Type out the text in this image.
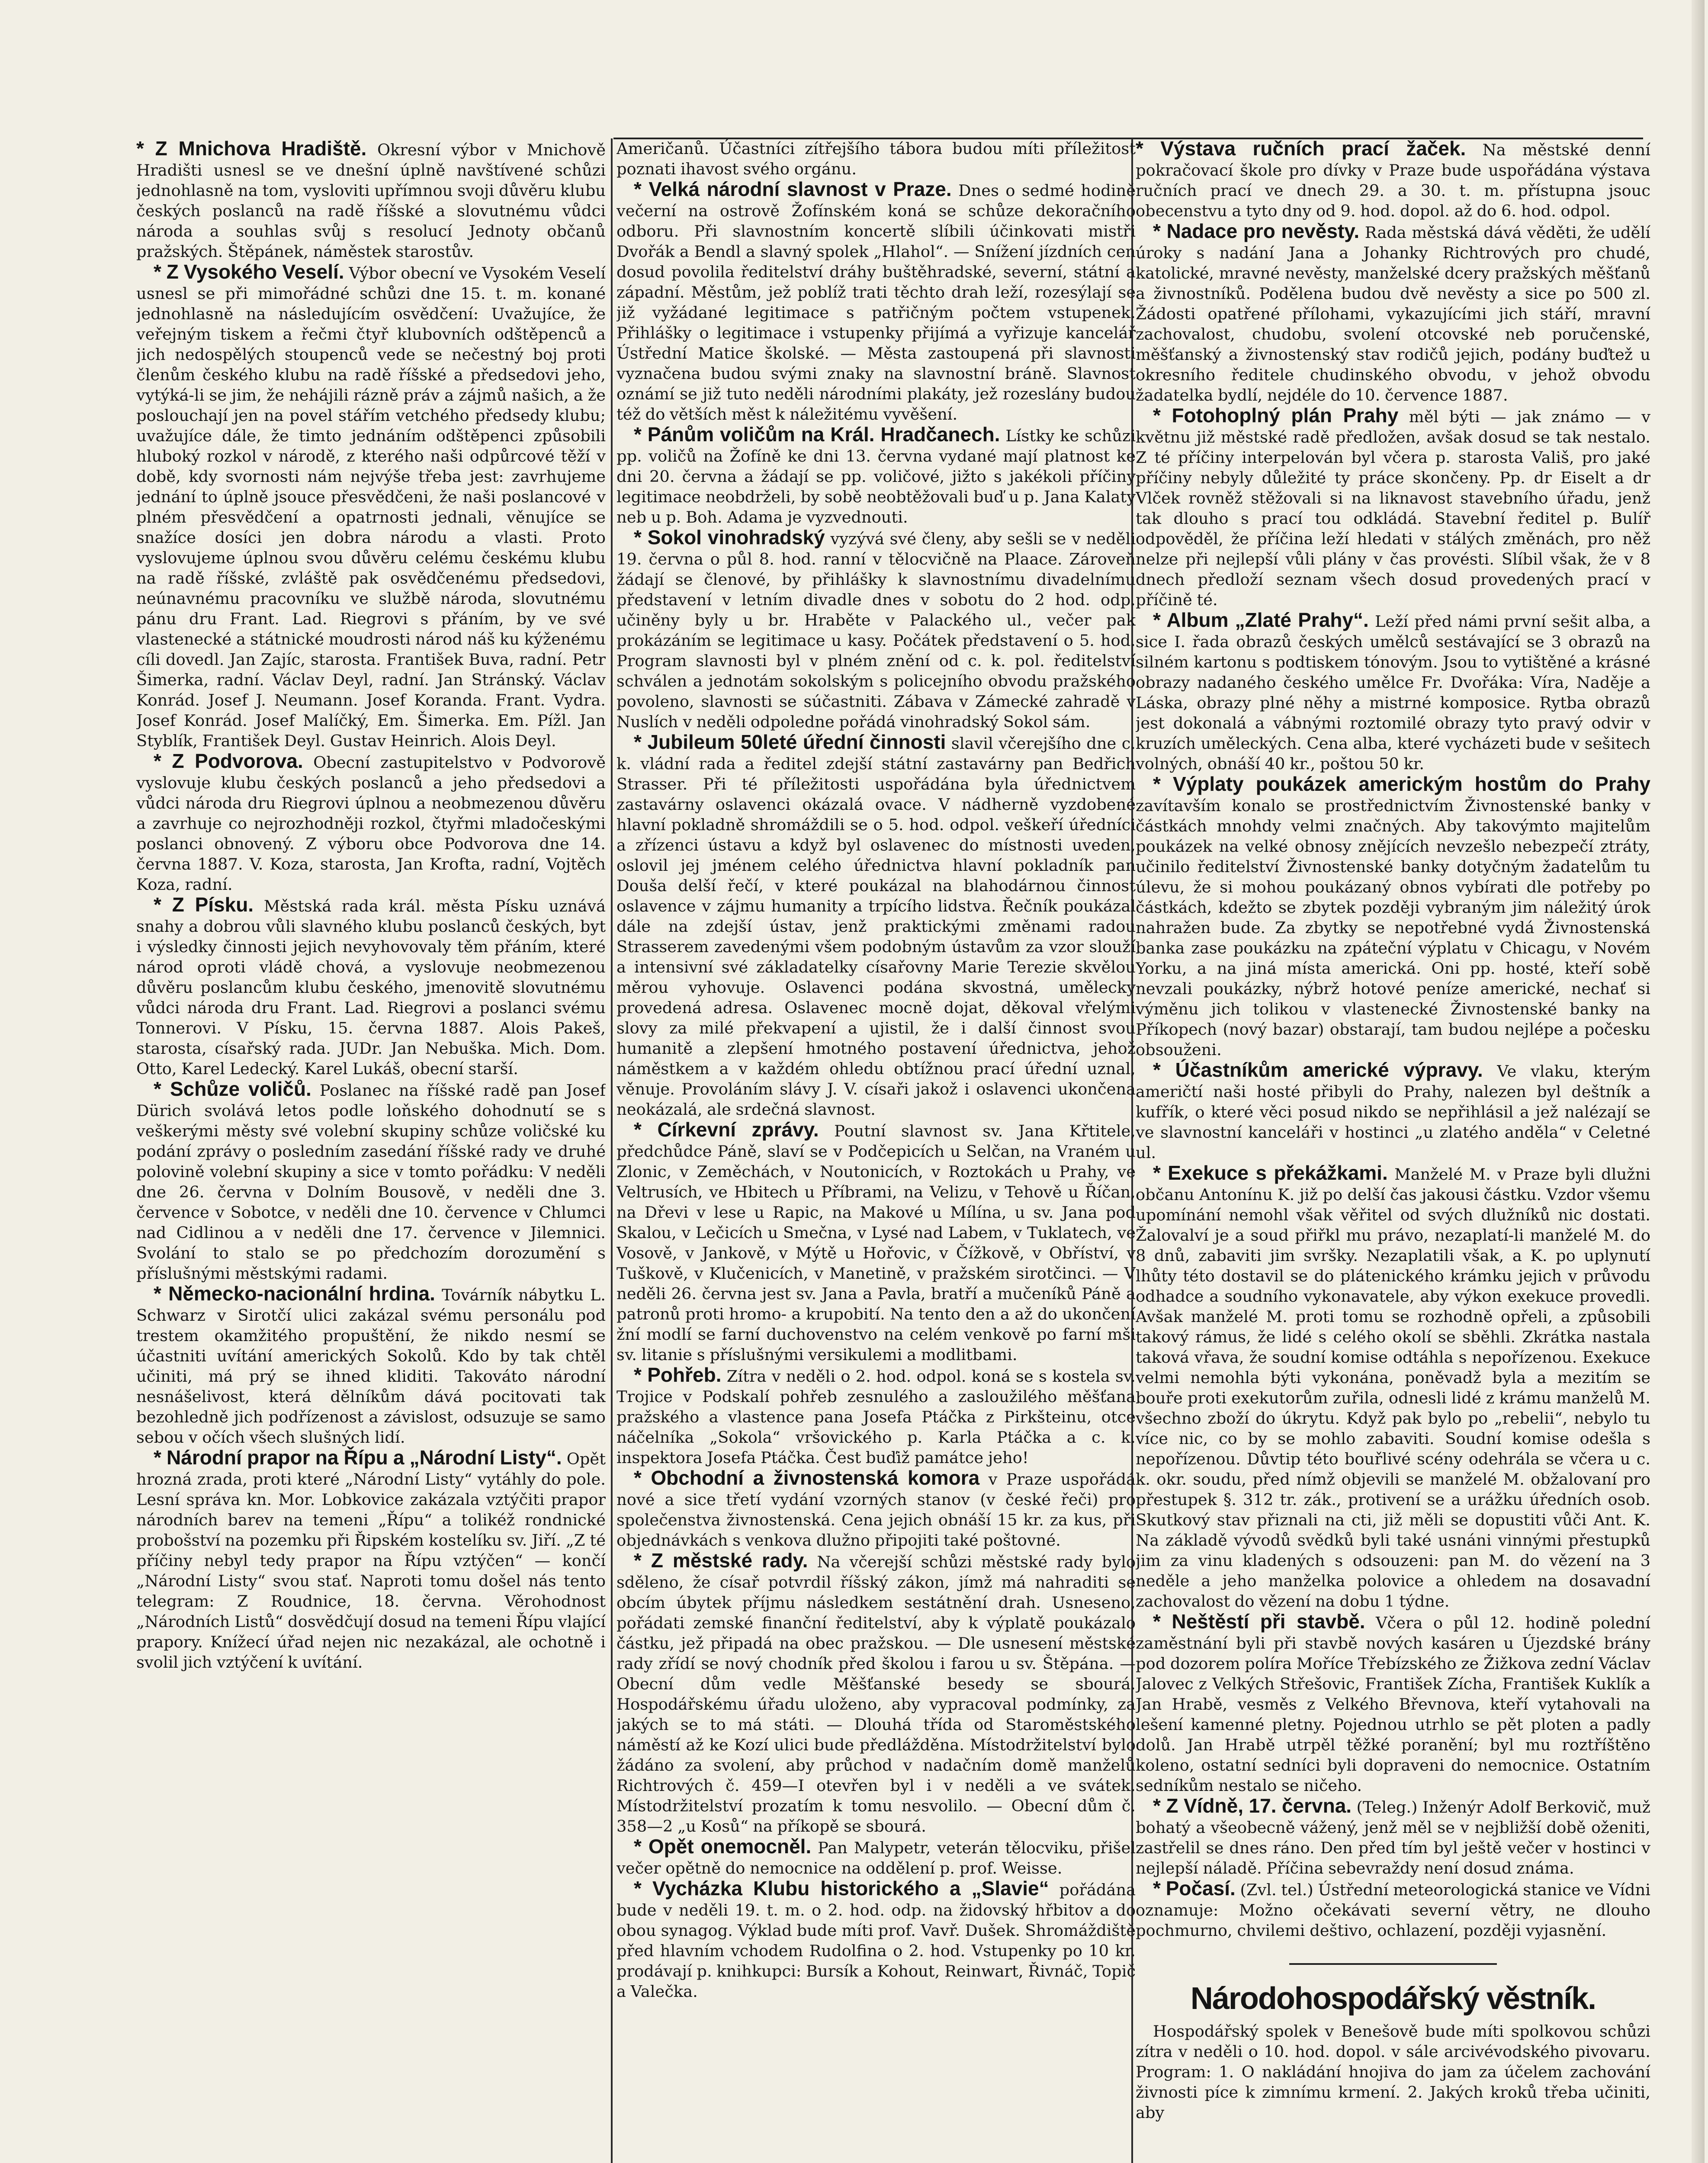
* Z Mnichova Hradiště. Okresní výbor v Mnichově Hradišti usnesl se ve dnešní úplně navštívené schůzi jednohlasně na tom, vysloviti upřímnou svoji důvěru klubu českých poslanců na radě říšské a slovutnému vůdci národa a souhlas svůj s resolucí Jednoty občanů pražských. Štěpánek, náměstek starostův.

* Z Vysokého Veselí. Výbor obecní ve Vysokém Veselí usnesl se při mimořádné schůzi dne 15. t. m. konané jednohlasně na následujícím osvědčení: Uvažujíce, že veřejným tiskem a řečmi čtyř klubovních odštěpenců a jich nedospělých stoupenců vede se nečestný boj proti členům českého klubu na radě říšské a předsedovi jeho, vytýká-li se jim, že nehájili rázně práv a zájmů našich, a že poslouchají jen na povel stářím vetchého předsedy klubu; uvažujíce dále, že timto jednáním odštěpenci způsobili hluboký rozkol v národě, z kterého naši odpůrcové těží v době, kdy svornosti nám nejvýše třeba jest: zavrhujeme jednání to úplně jsouce přesvědčeni, že naši poslancové v plném přesvědčení a opatrnosti jednali, věnujíce se snažíce dosíci jen dobra národu a vlasti. Proto vyslovujeme úplnou svou důvěru celému českému klubu na radě říšské, zvláště pak osvědčenému předsedovi, neúnavnému pracovníku ve službě národa, slovutnému pánu dru Frant. Lad. Riegrovi s přáním, by ve své vlastenecké a státnické moudrosti národ náš ku kýženému cíli dovedl. Jan Zajíc, starosta. František Buva, radní. Petr Šimerka, radní. Václav Deyl, radní. Jan Stránský. Václav Konrád. Josef J. Neumann. Josef Koranda. Frant. Vydra. Josef Konrád. Josef Malíčký, Em. Šimerka. Em. Pížl. Jan Styblík, František Deyl. Gustav Heinrich. Alois Deyl.

* Z Podvorova. Obecní zastupitelstvo v Podvorově vyslovuje klubu českých poslanců a jeho předsedovi a vůdci národa dru Riegrovi úplnou a neobmezenou důvěru a zavrhuje co nejrozhodněji rozkol, čtyřmi mladočeskými poslanci obnovený. Z výboru obce Podvorova dne 14. června 1887. V. Koza, starosta, Jan Krofta, radní, Vojtěch Koza, radní.

* Z Písku. Městská rada král. města Písku uznává snahy a dobrou vůli slavného klubu poslanců českých, byt i výsledky činnosti jejich nevyhovovaly těm přáním, které národ oproti vládě chová, a vyslovuje neobmezenou důvěru poslancům klubu českého, jmenovitě slovutnému vůdci národa dru Frant. Lad. Riegrovi a poslanci svému Tonnerovi. V Písku, 15. června 1887. Alois Pakeš, starosta, císařský rada. JUDr. Jan Nebuška. Mich. Dom. Otto, Karel Ledecký. Karel Lukáš, obecní starší.

* Schůze voličů. Poslanec na říšské radě pan Josef Dürich svolává letos podle loňského dohodnutí se s veškerými městy své volební skupiny schůze voličské ku podání zprávy o posledním zasedání říšské rady ve druhé polovině volební skupiny a sice v tomto pořádku: V neděli dne 26. června v Dolním Bousově, v neděli dne 3. července v Sobotce, v neděli dne 10. července v Chlumci nad Cidlinou a v neděli dne 17. července v Jilemnici. Svolání to stalo se po předchozím dorozumění s příslušnými městskými radami.

* Německo-nacionální hrdina. Továrník nábytku L. Schwarz v Sirotčí ulici zakázal svému personálu pod trestem okamžitého propuštění, že nikdo nesmí se účastniti uvítání amerických Sokolů. Kdo by tak chtěl učiniti, má prý se ihned kliditi. Takováto národní nesnášelivost, která dělníkům dává pocitovati tak bezohledně jich podřízenost a závislost, odsuzuje se samo sebou v očích všech slušných lidí.

* Národní prapor na Řípu a „Národní Listy“. Opět hrozná zrada, proti které „Národní Listy“ vytáhly do pole. Lesní správa kn. Mor. Lobkovice zakázala vztýčiti prapor národních barev na temeni „Řípu“ a tolikéž rondnické probošství na pozemku při Řipském kostelíku sv. Jiří. „Z té příčiny nebyl tedy prapor na Řípu vztýčen“ — končí „Národní Listy“ svou stať. Naproti tomu došel nás tento telegram: Z Roudnice, 18. června. Věrohodnost „Národních Listů“ dosvědčují dosud na temeni Řípu vlající prapory. Knížecí úřad nejen nic nezakázal, ale ochotně i svolil jich vztýčení k uvítání.

Američanů. Účastníci zítřejšího tábora budou míti příležitost poznati ihavost svého orgánu.

* Velká národní slavnost v Praze. Dnes o sedmé hodině večerní na ostrově Žofínském koná se schůze dekoračního odboru. Při slavnostním koncertě slíbili účinkovati mistři Dvořák a Bendl a slavný spolek „Hlahol“. — Snížení jízdních cen dosud povolila ředitelství dráhy buštěhradské, severní, státní a západní. Městům, jež poblíž trati těchto drah leží, rozesýlají se již vyžádané legitimace s patřičným počtem vstupenek. Přihlášky o legitimace i vstupenky přijímá a vyřizuje kancelář Ústřední Matice školské. — Města zastoupená při slavnosti vyznačena budou svými znaky na slavnostní bráně. Slavnost oznámí se již tuto neděli národními plakáty, jež rozeslány budou též do větších měst k náležitému vyvěšení.

* Pánům voličům na Král. Hradčanech. Lístky ke schůzi pp. voličů na Žofíně ke dni 13. června vydané mají platnost ke dni 20. června a žádají se pp. voličové, jižto s jakékoli příčiny legitimace neobdrželi, by sobě neobtěžovali buď u p. Jana Kalaty neb u p. Boh. Adama je vyzvednouti.

* Sokol vinohradský vyzývá své členy, aby sešli se v neděli 19. června o půl 8. hod. ranní v tělocvičně na Plaace. Zároveň žádají se členové, by přihlášky k slavnostnímu divadelnímu představení v letním divadle dnes v sobotu do 2 hod. odp. učiněny byly u br. Hraběte v Palackého ul., večer pak prokázáním se legitimace u kasy. Počátek představení o 5. hod. Program slavnosti byl v plném znění od c. k. pol. ředitelství schválen a jednotám sokolským s policejního obvodu pražského povoleno, slavnosti se súčastniti. Zábava v Zámecké zahradě v Nuslích v neděli odpoledne pořádá vinohradský Sokol sám.

* Jubileum 50leté úřední činnosti slavil včerejšího dne c. k. vládní rada a ředitel zdejší státní zastavárny pan Bedřich Strasser. Při té příležitosti uspořádána byla úřednictvem zastavárny oslavenci okázalá ovace. V nádherně vyzdobené hlavní pokladně shromáždili se o 5. hod. odpol. veškeří úředníci a zřízenci ústavu a když byl oslavenec do místnosti uveden, oslovil jej jménem celého úřednictva hlavní pokladník pan Douša delší řečí, v které poukázal na blahodárnou činnost oslavence v zájmu humanity a trpícího lidstva. Řečník poukázal dále na zdejší ústav, jenž praktickými změnami radou Strasserem zavedenými všem podobným ústavům za vzor slouží a intensivní své základatelky císařovny Marie Terezie skvělou měrou vyhovuje. Oslavenci podána skvostná, umělecky provedená adresa. Oslavenec mocně dojat, děkoval vřelými slovy za milé překvapení a ujistil, že i další činnost svou humanitě a zlepšení hmotného postavení úřednictva, jehož náměstkem a v každém ohledu obtížnou prací úřední uznal, věnuje. Provoláním slávy J. V. císaři jakož i oslavenci ukončena neokázalá, ale srdečná slavnost.

* Církevní zprávy. Poutní slavnost sv. Jana Křtitele, předchůdce Páně, slaví se v Podčepicích u Selčan, na Vraném u Zlonic, v Zeměchách, v Noutonicích, v Roztokách u Prahy, ve Veltrusích, ve Hbitech u Příbrami, na Velizu, v Tehově u Říčan, na Dřevi v lese u Rapic, na Makové u Mílína, u sv. Jana pod Skalou, v Lečicích u Smečna, v Lysé nad Labem, v Tuklatech, ve Vosově, v Jankově, v Mýtě u Hořovic, v Čížkově, v Obříství, v Tuškově, v Klučenicích, v Manetině, v pražském sirotčinci. — V neděli 26. června jest sv. Jana a Pavla, bratří a mučeníků Páně a patronů proti hromo- a krupobití. Na tento den a až do ukončení žní modlí se farní duchovenstvo na celém venkově po farní mši sv. litanie s příslušnými versikulemi a modlitbami.

* Pohřeb. Zítra v neděli o 2. hod. odpol. koná se s kostela sv. Trojice v Podskalí pohřeb zesnulého a zasloužilého měšťana pražského a vlastence pana Josefa Ptáčka z Pirkšteinu, otce náčelníka „Sokola“ vršovického p. Karla Ptáčka a c. k. inspektora Josefa Ptáčka. Čest buďiž památce jeho!

* Obchodní a živnostenská komora v Praze uspořádá nové a sice třetí vydání vzorných stanov (v české řeči) pro společenstva živnostenská. Cena jejich obnáší 15 kr. za kus, při objednávkách s venkova dlužno připojiti také poštovné.

* Z městské rady. Na včerejší schůzi městské rady bylo sděleno, že císař potvrdil říšský zákon, jímž má nahraditi se obcím úbytek příjmu následkem sestátnění drah. Usneseno, pořádati zemské finanční ředitelství, aby k výplatě poukázalo částku, jež připadá na obec pražskou. — Dle usnesení městské rady zřídí se nový chodník před školou i farou u sv. Štěpána. — Obecní dům vedle Měšťanské besedy se sbourá. Hospodářskému úřadu uloženo, aby vypracoval podmínky, za jakých se to má státi. — Dlouhá třída od Staroměstského náměstí až ke Kozí ulici bude předlážděna. Místodržitelství bylo žádáno za svolení, aby průchod v nadačním domě manželů Richtrových č. 459—I otevřen byl i v neděli a ve svátek. Místodržitelství prozatím k tomu nesvolilo. — Obecní dům č. 358—2 „u Kosů“ na příkopě se sbourá.

* Opět onemocněl. Pan Malypetr, veterán tělocviku, přišel večer opětně do nemocnice na oddělení p. prof. Weisse.

* Vycházka Klubu historického a „Slavie“ pořádána bude v neděli 19. t. m. o 2. hod. odp. na židovský hřbitov a do obou synagog. Výklad bude míti prof. Vavř. Dušek. Shromáždiště před hlavním vchodem Rudolfina o 2. hod. Vstupenky po 10 kr. prodávají p. knihkupci: Bursík a Kohout, Reinwart, Řivnáč, Topič a Valečka.

* Výstava ručních prací žaček. Na městské denní pokračovací škole pro dívky v Praze bude uspořádána výstava ručních prací ve dnech 29. a 30. t. m. přístupna jsouc obecenstvu a tyto dny od 9. hod. dopol. až do 6. hod. odpol.

* Nadace pro nevěsty. Rada městská dává věděti, že udělí úroky s nadání Jana a Johanky Richtrových pro chudé, katolické, mravné nevěsty, manželské dcery pražských měšťanů a živnostníků. Podělena budou dvě nevěsty a sice po 500 zl. Žádosti opatřené přílohami, vykazujícími jich stáří, mravní zachovalost, chudobu, svolení otcovské neb poručenské, měšťanský a živnostenský stav rodičů jejich, podány buďtež u okresního ředitele chudinského obvodu, v jehož obvodu žadatelka bydlí, nejdéle do 10. července 1887.

* Fotohoplný plán Prahy měl býti — jak známo — v květnu již městské radě předložen, avšak dosud se tak nestalo. Z té příčiny interpelován byl včera p. starosta Vališ, pro jaké příčiny nebyly důležité ty práce skončeny. Pp. dr Eiselt a dr Vlček rovněž stěžovali si na liknavost stavebního úřadu, jenž tak dlouho s prací tou odkládá. Stavební ředitel p. Bulíř odpověděl, že příčina leží hledati v stálých změnách, pro něž nelze při nejlepší vůli plány v čas provésti. Slíbil však, že v 8 dnech předloží seznam všech dosud provedených prací v příčině té.

* Album „Zlaté Prahy“. Leží před námi první sešit alba, a sice I. řada obrazů českých umělců sestávající se 3 obrazů na silném kartonu s podtiskem tónovým. Jsou to vytištěné a krásné obrazy nadaného českého umělce Fr. Dvořáka: Víra, Naděje a Láska, obrazy plné něhy a mistrné komposice. Rytba obrazů jest dokonalá a vábnými roztomilé obrazy tyto pravý odvir v kruzích uměleckých. Cena alba, které vycházeti bude v sešitech volných, obnáší 40 kr., poštou 50 kr.

* Výplaty poukázek americkým hostům do Prahy zavítavším konalo se prostřednictvím Živnostenské banky v částkách mnohdy velmi značných. Aby takovýmto majitelům poukázek na velké obnosy znějících nevzešlo nebezpečí ztráty, učinilo ředitelství Živnostenské banky dotyčným žadatelům tu úlevu, že si mohou poukázaný obnos vybírati dle potřeby po částkách, kdežto se zbytek později vybraným jim náležitý úrok nahražen bude. Za zbytky se nepotřebné vydá Živnostenská banka zase poukázku na zpáteční výplatu v Chicagu, v Novém Yorku, a na jiná místa americká. Oni pp. hosté, kteří sobě nevzali poukázky, nýbrž hotové peníze americké, nechať si výměnu jich tolikou v vlastenecké Živnostenské banky na Příkopech (nový bazar) obstarají, tam budou nejlépe a počesku obsouženi.

* Účastníkům americké výpravy. Ve vlaku, kterým američtí naši hosté přibyli do Prahy, nalezen byl deštník a kufřík, o které věci posud nikdo se nepřihlásil a jež nalézají se ve slavnostní kanceláři v hostinci „u zlatého anděla“ v Celetné ul.

* Exekuce s překážkami. Manželé M. v Praze byli dlužni občanu Antonínu K. již po delší čas jakousi částku. Vzdor všemu upomínání nemohl však věřitel od svých dlužníků nic dostati. Žalovalví je a soud přiřkl mu právo, nezaplatí-li manželé M. do 8 dnů, zabaviti jim svršky. Nezaplatili však, a K. po uplynutí lhůty této dostavil se do plátenického krámku jejich v průvodu odhadce a soudního vykonavatele, aby výkon exekuce provedli. Avšak manželé M. proti tomu se rozhodně opřeli, a způsobili takový rámus, že lidé s celého okolí se sběhli. Zkrátka nastala taková vřava, že soudní komise odtáhla s nepořízenou. Exekuce velmi nemohla býti vykonána, poněvadž byla a mezitím se bouře proti exekutorům zuřila, odnesli lidé z krámu manželů M. všechno zboží do úkrytu. Když pak bylo po „rebelii“, nebylo tu více nic, co by se mohlo zabaviti. Soudní komise odešla s nepořízenou. Důvtip této bouřlivé scény odehrála se včera u c. k. okr. soudu, před nímž objevili se manželé M. obžalovaní pro přestupek §. 312 tr. zák., protivení se a urážku úředních osob. Skutkový stav přiznali na cti, již měli se dopustiti vůči Ant. K. Na základě vývodů svědků byli také usnáni vinnými přestupků jim za vinu kladených s odsouzeni: pan M. do vězení na 3 neděle a jeho manželka polovice a ohledem na dosavadní zachovalost do vězení na dobu 1 týdne.

* Neštěstí při stavbě. Včera o půl 12. hodině polední zaměstnání byli při stavbě nových kasáren u Újezdské brány pod dozorem políra Moříce Třebízského ze Žižkova zední Václav Jalovec z Velkých Střešovic, František Zícha, František Kuklík a Jan Hrabě, vesměs z Velkého Břevnova, kteří vytahovali na lešení kamenné pletny. Pojednou utrhlo se pět ploten a padly dolů. Jan Hrabě utrpěl těžké poranění; byl mu roztříštěno koleno, ostatní sedníci byli dopraveni do nemocnice. Ostatním sedníkům nestalo se ničeho.

* Z Vídně, 17. června. (Teleg.) Inženýr Adolf Berkovič, muž bohatý a všeobecně vážený, jenž měl se v nejbližší době oženiti, zastřelil se dnes ráno. Den před tím byl ještě večer v hostinci v nejlepší náladě. Příčina sebevraždy není dosud známa.

* Počasí. (Zvl. tel.) Ústřední meteorologická stanice ve Vídni oznamuje: Možno očekávati severní větry, ne dlouho pochmurno, chvilemi deštivo, ochlazení, později vyjasnění.

Národohospodářský věstník.

Hospodářský spolek v Benešově bude míti spolkovou schůzi zítra v neděli o 10. hod. dopol. v sále arcivévodského pivovaru. Program: 1. O nakládání hnojiva do jam za účelem zachování živnosti píce k zimnímu krmení. 2. Jakých kroků třeba učiniti, aby
